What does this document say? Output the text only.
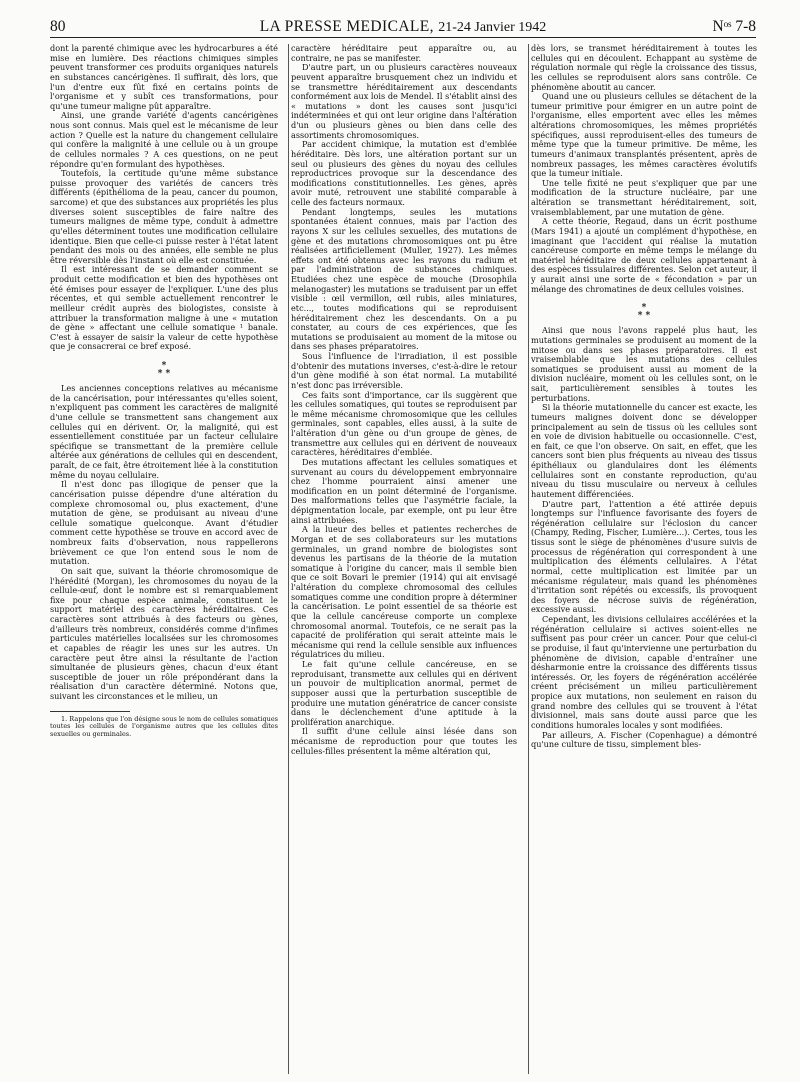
80	LA PRESSE MEDICALE, 21-24 Janvier 1942	Nᵒˢ 7-8

dont la parenté chimique avec les hydrocarbures a été mise en lumière. Des réactions chimiques simples peuvent transformer ces produits organiques naturels en substances cancérigènes. Il suffirait, dès lors, que l'un d'entre eux fût fixé en certains points de l'organisme et y subît ces transformations, pour qu'une tumeur maligne pût apparaître.

Ainsi, une grande variété d'agents cancérigènes nous sont connus. Mais quel est le mécanisme de leur action ? Quelle est la nature du changement cellulaire qui confère la malignité à une cellule ou à un groupe de cellules normales ? A ces questions, on ne peut répondre qu'en formulant des hypothèses.

Toutefois, la certitude qu'une même substance puisse provoquer des variétés de cancers très différents (épithélioma de la peau, cancer du poumon, sarcome) et que des substances aux propriétés les plus diverses soient susceptibles de faire naître des tumeurs malignes de même type, conduit à admettre qu'elles déterminent toutes une modification cellulaire identique. Bien que celle-ci puisse rester à l'état latent pendant des mois ou des années, elle semble ne plus être réversible dès l'instant où elle est constituée.

Il est intéressant de se demander comment se produit cette modification et bien des hypothèses ont été émises pour essayer de l'expliquer. L'une des plus récentes, et qui semble actuellement rencontrer le meilleur crédit auprès des biologistes, consiste à attribuer la transformation maligne à une « mutation de gène » affectant une cellule somatique ¹ banale. C'est à essayer de saisir la valeur de cette hypothèse que je consacrerai ce bref exposé.

*
* *

Les anciennes conceptions relatives au mécanisme de la cancérisation, pour intéressantes qu'elles soient, n'expliquent pas comment les caractères de malignité d'une cellule se transmettent sans changement aux cellules qui en dérivent. Or, la malignité, qui est essentiellement constituée par un facteur cellulaire spécifique se transmettant de la première cellule altérée aux générations de cellules qui en descendent, paraît, de ce fait, être étroitement liée à la constitution même du noyau cellulaire.

Il n'est donc pas illogique de penser que la cancérisation puisse dépendre d'une altération du complexe chromosomal ou, plus exactement, d'une mutation de gène, se produisant au niveau d'une cellule somatique quelconque. Avant d'étudier comment cette hypothèse se trouve en accord avec de nombreux faits d'observation, nous rappellerons brièvement ce que l'on entend sous le nom de mutation.

On sait que, suivant la théorie chromosomique de l'hérédité (Morgan), les chromosomes du noyau de la cellule-œuf, dont le nombre est si remarquablement fixe pour chaque espèce animale, constituent le support matériel des caractères héréditaires. Ces caractères sont attribués à des facteurs ou gènes, d'ailleurs très nombreux, considérés comme d'infimes particules matérielles localisées sur les chromosomes et capables de réagir les unes sur les autres. Un caractère peut être ainsi la résultante de l'action simultanée de plusieurs gènes, chacun d'eux étant susceptible de jouer un rôle prépondérant dans la réalisation d'un caractère déterminé. Notons que, suivant les circonstances et le milieu, un

1. Rappelons que l'on désigne sous le nom de cellules somatiques toutes les cellules de l'organisme autres que les cellules dites sexuelles ou germinales.

caractère héréditaire peut apparaître ou, au contraire, ne pas se manifester.

D'autre part, un ou plusieurs caractères nouveaux peuvent apparaître brusquement chez un individu et se transmettre héréditairement aux descendants conformément aux lois de Mendel. Il s'établit ainsi des « mutations » dont les causes sont jusqu'ici indéterminées et qui ont leur origine dans l'altération d'un ou plusieurs gènes ou bien dans celle des assortiments chromosomiques.

Par accident chimique, la mutation est d'emblée héréditaire. Dès lors, une altération portant sur un seul ou plusieurs des gènes du noyau des cellules reproductrices provoque sur la descendance des modifications constitutionnelles. Les gènes, après avoir muté, retrouvent une stabilité comparable à celle des facteurs normaux.

Pendant longtemps, seules les mutations spontanées étaient connues, mais par l'action des rayons X sur les cellules sexuelles, des mutations de gène et des mutations chromosomiques ont pu être réalisées artificiellement (Muller, 1927). Les mêmes effets ont été obtenus avec les rayons du radium et par l'administration de substances chimiques. Etudiées chez une espèce de mouche (Drosophila melanogaster) les mutations se traduisent par un effet visible : œil vermillon, œil rubis, ailes miniatures, etc..., toutes modifications qui se reproduisent héréditairement chez les descendants. On a pu constater, au cours de ces expériences, que les mutations se produisaient au moment de la mitose ou dans ses phases préparatoires.

Sous l'influence de l'irradiation, il est possible d'obtenir des mutations inverses, c'est-à-dire le retour d'un gène modifié à son état normal. La mutabilité n'est donc pas irréversible.

Ces faits sont d'importance, car ils suggèrent que les cellules somatiques, qui toutes se reproduisent par le même mécanisme chromosomique que les cellules germinales, sont capables, elles aussi, à la suite de l'altération d'un gène ou d'un groupe de gènes, de transmettre aux cellules qui en dérivent de nouveaux caractères, héréditaires d'emblée.

Des mutations affectant les cellules somatiques et survenant au cours du développement embryonnaire chez l'homme pourraient ainsi amener une modification en un point déterminé de l'organisme. Des malformations telles que l'asymétrie faciale, la dépigmentation locale, par exemple, ont pu leur être ainsi attribuées.

A la lueur des belles et patientes recherches de Morgan et de ses collaborateurs sur les mutations germinales, un grand nombre de biologistes sont devenus les partisans de la théorie de la mutation somatique à l'origine du cancer, mais il semble bien que ce soit Bovari le premier (1914) qui ait envisagé l'altération du complexe chromosomal des cellules somatiques comme une condition propre à déterminer la cancérisation. Le point essentiel de sa théorie est que la cellule cancéreuse comporte un complexe chromosomal anormal. Toutefois, ce ne serait pas la capacité de prolifération qui serait atteinte mais le mécanisme qui rend la cellule sensible aux influences régulatrices du milieu.

Le fait qu'une cellule cancéreuse, en se reproduisant, transmette aux cellules qui en dérivent un pouvoir de multiplication anormal, permet de supposer aussi que la perturbation susceptible de produire une mutation génératrice de cancer consiste dans le déclenchement d'une aptitude à la prolifération anarchique.

Il suffit d'une cellule ainsi lésée dans son mécanisme de reproduction pour que toutes les cellules-filles présentent la même altération qui,

dès lors, se transmet héréditairement à toutes les cellules qui en découlent. Echappant au système de régulation normale qui règle la croissance des tissus, les cellules se reproduisent alors sans contrôle. Ce phénomène aboutit au cancer.

Quand une ou plusieurs cellules se détachent de la tumeur primitive pour émigrer en un autre point de l'organisme, elles emportent avec elles les mêmes altérations chromosomiques, les mêmes propriétés spécifiques, aussi reproduisent-elles des tumeurs de même type que la tumeur primitive. De même, les tumeurs d'animaux transplantés présentent, après de nombreux passages, les mêmes caractères évolutifs que la tumeur initiale.

Une telle fixité ne peut s'expliquer que par une modification de la structure nucléaire, par une altération se transmettant héréditairement, soit, vraisemblablement, par une mutation de gène.

A cette théorie, Regaud, dans un écrit posthume (Mars 1941) a ajouté un complément d'hypothèse, en imaginant que l'accident qui réalise la mutation cancéreuse comporte en même temps le mélange du matériel héréditaire de deux cellules appartenant à des espèces tissulaires différentes. Selon cet auteur, il y aurait ainsi une sorte de « fécondation » par un mélange des chromatines de deux cellules voisines.

*
* *

Ainsi que nous l'avons rappelé plus haut, les mutations germinales se produisent au moment de la mitose ou dans ses phases préparatoires. Il est vraisemblable que les mutations des cellules somatiques se produisent aussi au moment de la division nucléaire, moment où les cellules sont, on le sait, particulièrement sensibles à toutes les perturbations.

Si la théorie mutationnelle du cancer est exacte, les tumeurs malignes doivent donc se développer principalement au sein de tissus où les cellules sont en voie de division habituelle ou occasionnelle. C'est, en fait, ce que l'on observe. On sait, en effet, que les cancers sont bien plus fréquents au niveau des tissus épithéliaux ou glandulaires dont les éléments cellulaires sont en constante reproduction, qu'au niveau du tissu musculaire ou nerveux à cellules hautement différenciées.

D'autre part, l'attention a été attirée depuis longtemps sur l'influence favorisante des foyers de régénération cellulaire sur l'éclosion du cancer (Champy, Reding, Fischer, Lumière...). Certes, tous les tissus sont le siège de phénomènes d'usure suivis de processus de régénération qui correspondent à une multiplication des éléments cellulaires. A l'état normal, cette multiplication est limitée par un mécanisme régulateur, mais quand les phénomènes d'irritation sont répétés ou excessifs, ils provoquent des foyers de nécrose suivis de régénération, excessive aussi.

Cependant, les divisions cellulaires accélérées et la régénération cellulaire si actives soient-elles ne suffisent pas pour créer un cancer. Pour que celui-ci se produise, il faut qu'intervienne une perturbation du phénomène de division, capable d'entraîner une désharmonie entre la croissance des différents tissus intéressés. Or, les foyers de régénération accélérée créent précisément un milieu particulièrement propice aux mutations, non seulement en raison du grand nombre des cellules qui se trouvent à l'état divisionnel, mais sans doute aussi parce que les conditions humorales locales y sont modifiées.

Par ailleurs, A. Fischer (Copenhague) a démontré qu'une culture de tissu, simplement bles-
